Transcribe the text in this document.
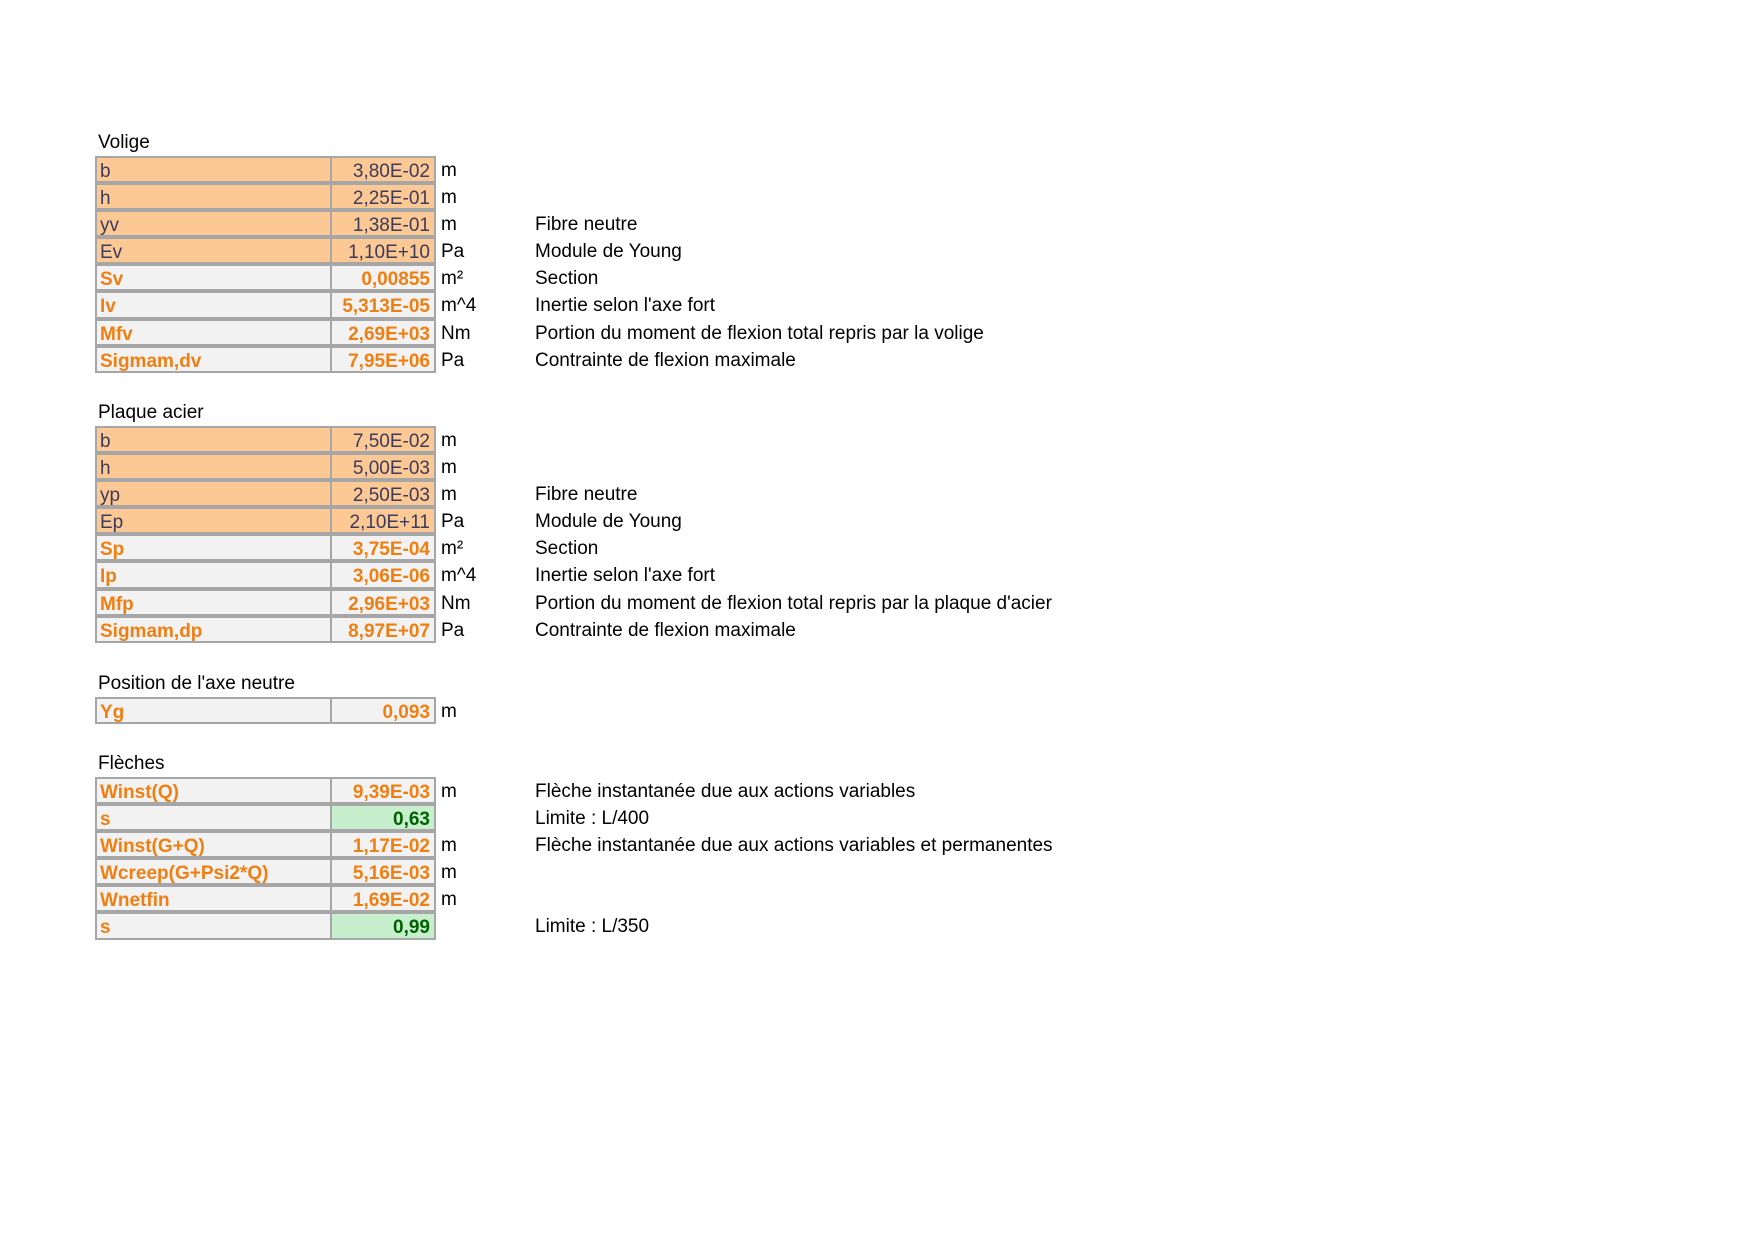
Volige
b	3,80E-02 m
h	2,25E-01 m
yv	1,38E-01 m	Fibre neutre
Ev	1,10E+10 Pa	Module de Young
Sv	0,00855 m²	Section
Iv	5,313E-05 m^4	Inertie selon l'axe fort
Mfv	2,69E+03 Nm	Portion du moment de flexion total repris par la volige
Sigmam,dv	7,95E+06 Pa	Contrainte de flexion maximale
Plaque acier
b	7,50E-02 m
h	5,00E-03 m
yp	2,50E-03 m	Fibre neutre
Ep	2,10E+11 Pa	Module de Young
Sp	3,75E-04 m²	Section
Ip	3,06E-06 m^4	Inertie selon l'axe fort
Mfp	2,96E+03 Nm	Portion du moment de flexion total repris par la plaque d'acier
Sigmam,dp	8,97E+07 Pa	Contrainte de flexion maximale
Position de l'axe neutre
Yg	0,093 m
Flèches
Winst(Q)	9,39E-03 m	Flèche instantanée due aux actions variables
s	0,63	Limite : L/400
Winst(G+Q)	1,17E-02 m	Flèche instantanée due aux actions variables et permanentes
Wcreep(G+Psi2*Q)	5,16E-03 m
Wnetfin	1,69E-02 m
s	0,99	Limite : L/350
